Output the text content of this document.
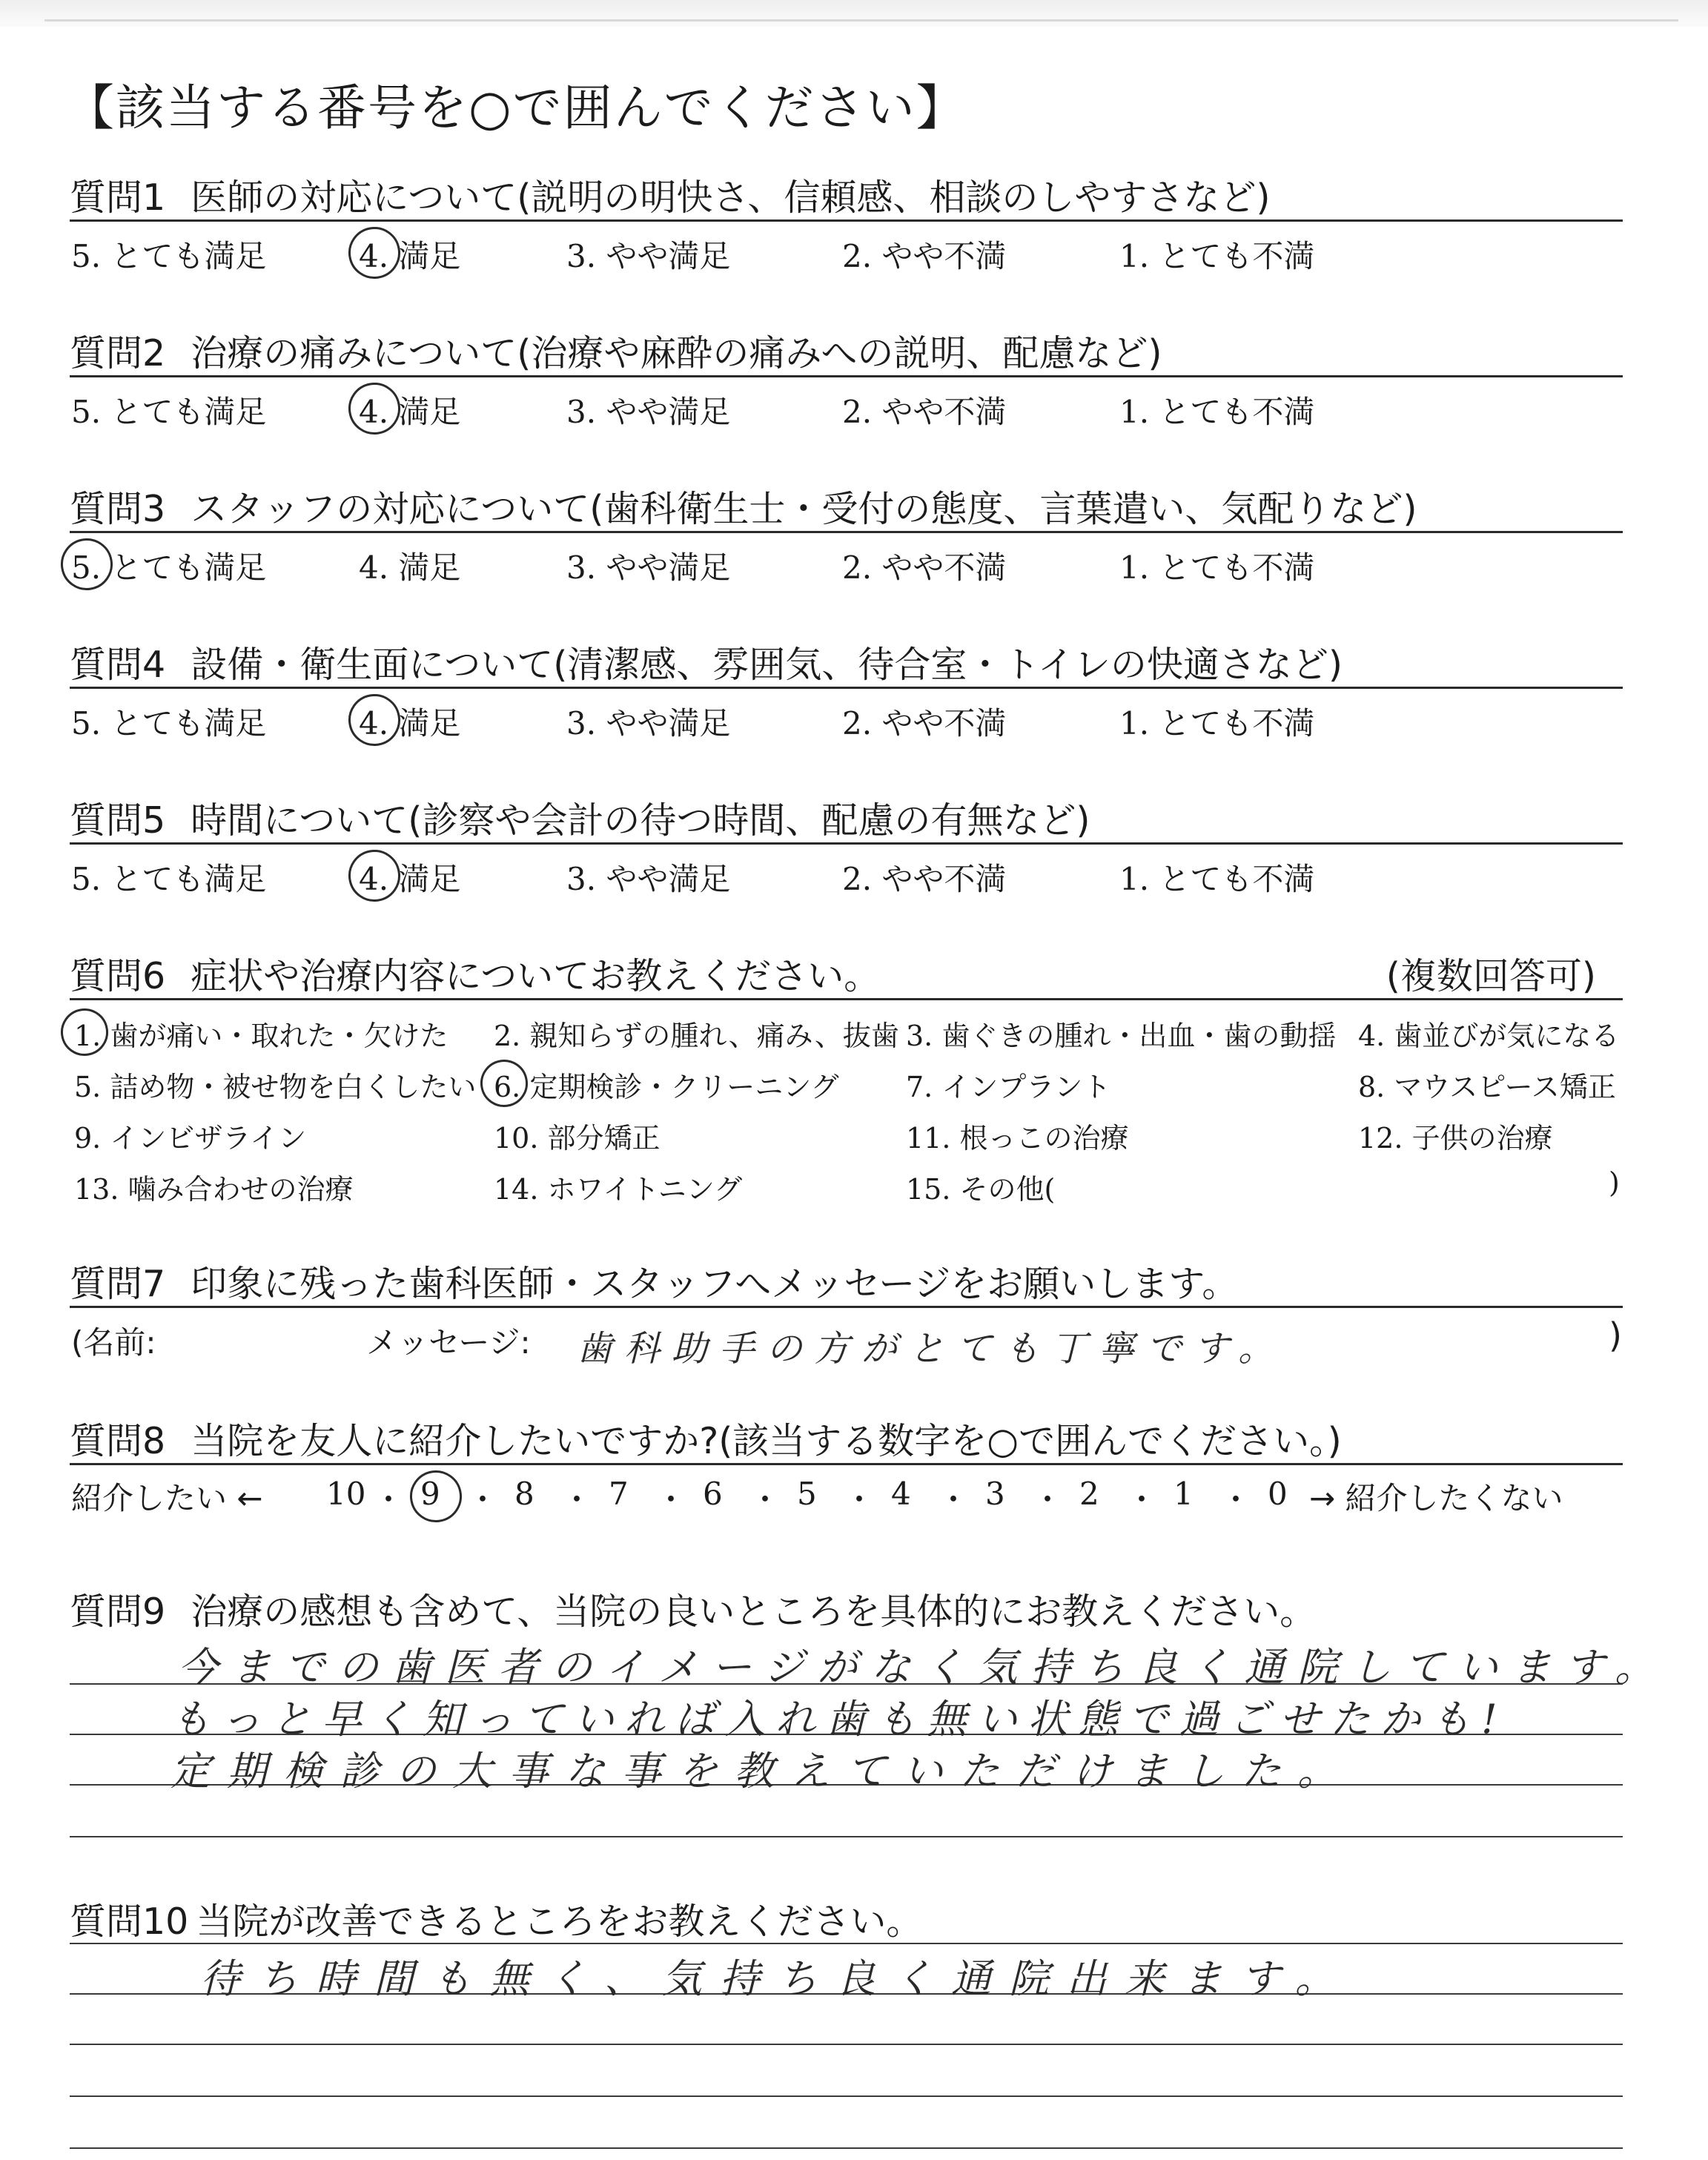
【該当する番号を○で囲んでください】
質問1 医師の対応について(説明の明快さ、信頼感、相談のしやすさなど)
5. とても満足	4. 満足	3. やや満足	2. やや不満	1. とても不満
質問2 治療の痛みについて(治療や麻酔の痛みへの説明、配慮など)
5. とても満足	4. 満足	3. やや満足	2. やや不満	1. とても不満
質問3 スタッフの対応について(歯科衛生士・受付の態度、言葉遣い、気配りなど)
5. とても満足	4. 満足	3. やや満足	2. やや不満	1. とても不満
質問4 設備・衛生面について(清潔感、雰囲気、待合室・トイレの快適さなど)
5. とても満足	4. 満足	3. やや満足	2. やや不満	1. とても不満
質問5 時間について(診察や会計の待つ時間、配慮の有無など)
5. とても満足	4. 満足	3. やや満足	2. やや不満	1. とても不満
質問6 症状や治療内容についてお教えください。	(複数回答可)
1. 歯が痛い・取れた・欠けた 2. 親知らずの腫れ、痛み、抜歯 3. 歯ぐきの腫れ・出血・歯の動揺 4. 歯並びが気になる
5. 詰め物・被せ物を白くしたい 6. 定期検診・クリーニング 7. インプラント	8. マウスピース矯正
9. インビザライン	10. 部分矯正	11. 根っこの治療	12. 子供の治療
13. 噛み合わせの治療	14. ホワイトニング	15. その他(	)
質問7 印象に残った歯科医師・スタッフへメッセージをお願いします。
(名前:	メッセージ: 歯科助手の方がとても丁寧です。	)
質問8 当院を友人に紹介したいですか?(該当する数字を○で囲んでください。)
紹介したい ←	→ 紹介したくない
10 ・ 9 ・ 8 ・ 7 ・ 6 ・ 5 ・ 4 ・ 3 ・ 2 ・ 1 ・ 0
質問9 治療の感想も含めて、当院の良いところを具体的にお教えください。
今までの歯医者のイメージがなく気持ち良く通院しています。
もっと早く知っていれば入れ歯も無い状態で過ごせたかも!
定期検診の大事な事を教えていただけました。
質問10 当院が改善できるところをお教えください。
待ち時間も無く、気持ち良く通院出来ます。
